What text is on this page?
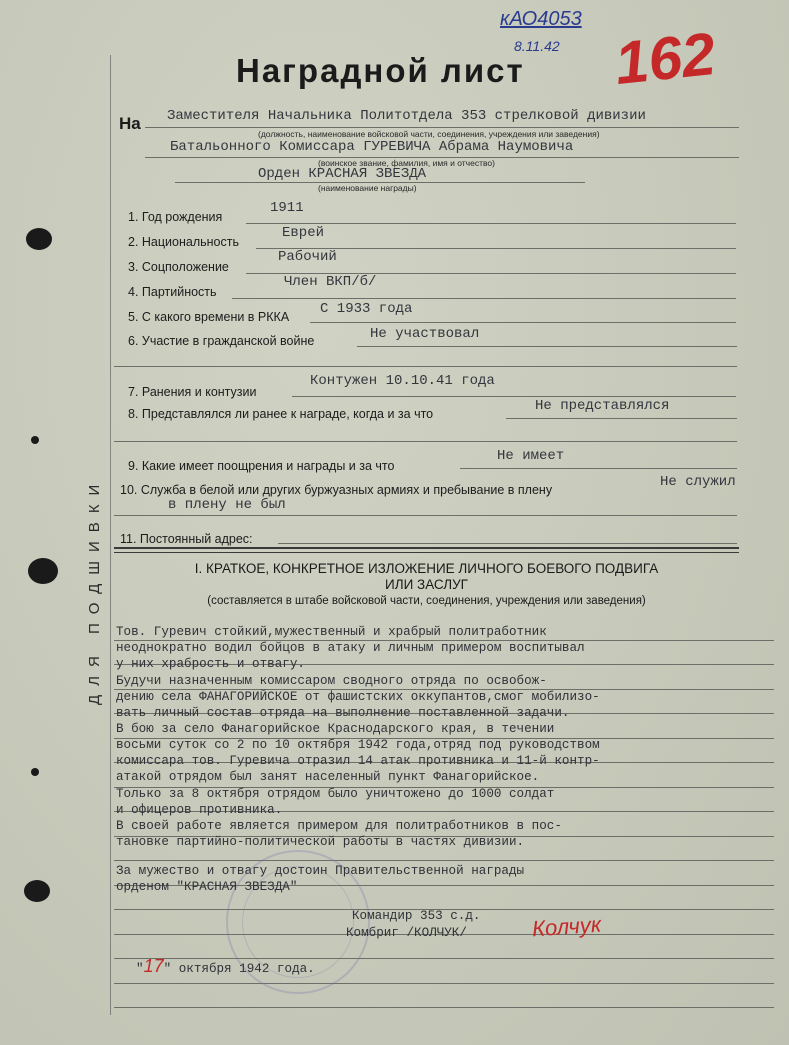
ДЛЯ ПОДШИВКИ
кАО4053
8.11.42 162
Наградной лист
На Заместителя Начальника Политотдела 353 стрелковой дивизии
(должность, наименование войсковой части, соединения, учреждения или заведения)
Батальонного Комиссара ГУРЕВИЧА Абрама Наумовича
(воинское звание, фамилия, имя и отчество)
Орден КРАСНАЯ ЗВЕЗДА
(наименование награды)
1. Год рождения
1911
2. Национальность
Еврей
3. Соцположение
Рабочий
4. Партийность
Член ВКП/б/
5. С какого времени в РККА С 1933 года
6. Участие в гражданской войне	Не участвовал
7. Ранения и контузии
Контужен 10.10.41 года
8. Представлялся ли ранее к награде, когда и за что	Не представлялся
9. Какие имеет поощрения и награды и за что
Не имеет
10. Служба в белой или других буржуазных армиях и пребывание в плену	Не служил
в плену не был
11. Постоянный адрес:
I. КРАТКОЕ, КОНКРЕТНОЕ ИЗЛОЖЕНИЕ ЛИЧНОГО БОЕВОГО ПОДВИГА
ИЛИ ЗАСЛУГ
(составляется в штабе войсковой части, соединения, учреждения или заведения)
Тов. Гуревич стойкий,мужественный и храбрый политработник
неоднократно водил бойцов в атаку и личным примером воспитывал
у них храбрость и отвагу.
Будучи назначенным комиссаром сводного отряда по освобож-
дению села ФАНАГОРИЙСКОЕ от фашистских оккупантов,смог мобилизо-
вать личный состав отряда на выполнение поставленной задачи.
В бою за село Фанагорийское Краснодарского края, в течении
восьми суток со 2 по 10 октября 1942 года,отряд под руководством
комиссара тов. Гуревича отразил 14 атак противника и 11-й контр-
атакой отрядом был занят населенный пункт Фанагорийское.
Только за 8 октября отрядом было уничтожено до 1000 солдат
и офицеров противника.
В своей работе является примером для политработников в пос-
тановке партийно-политической работы в частях дивизии.
За мужество и отвагу достоин Правительственной награды
орденом "КРАСНАЯ ЗВЕЗДА"
Командир 353 с.д.
Комбриг /КОЛЧУК/	Колчук
"17" октября 1942 года.
